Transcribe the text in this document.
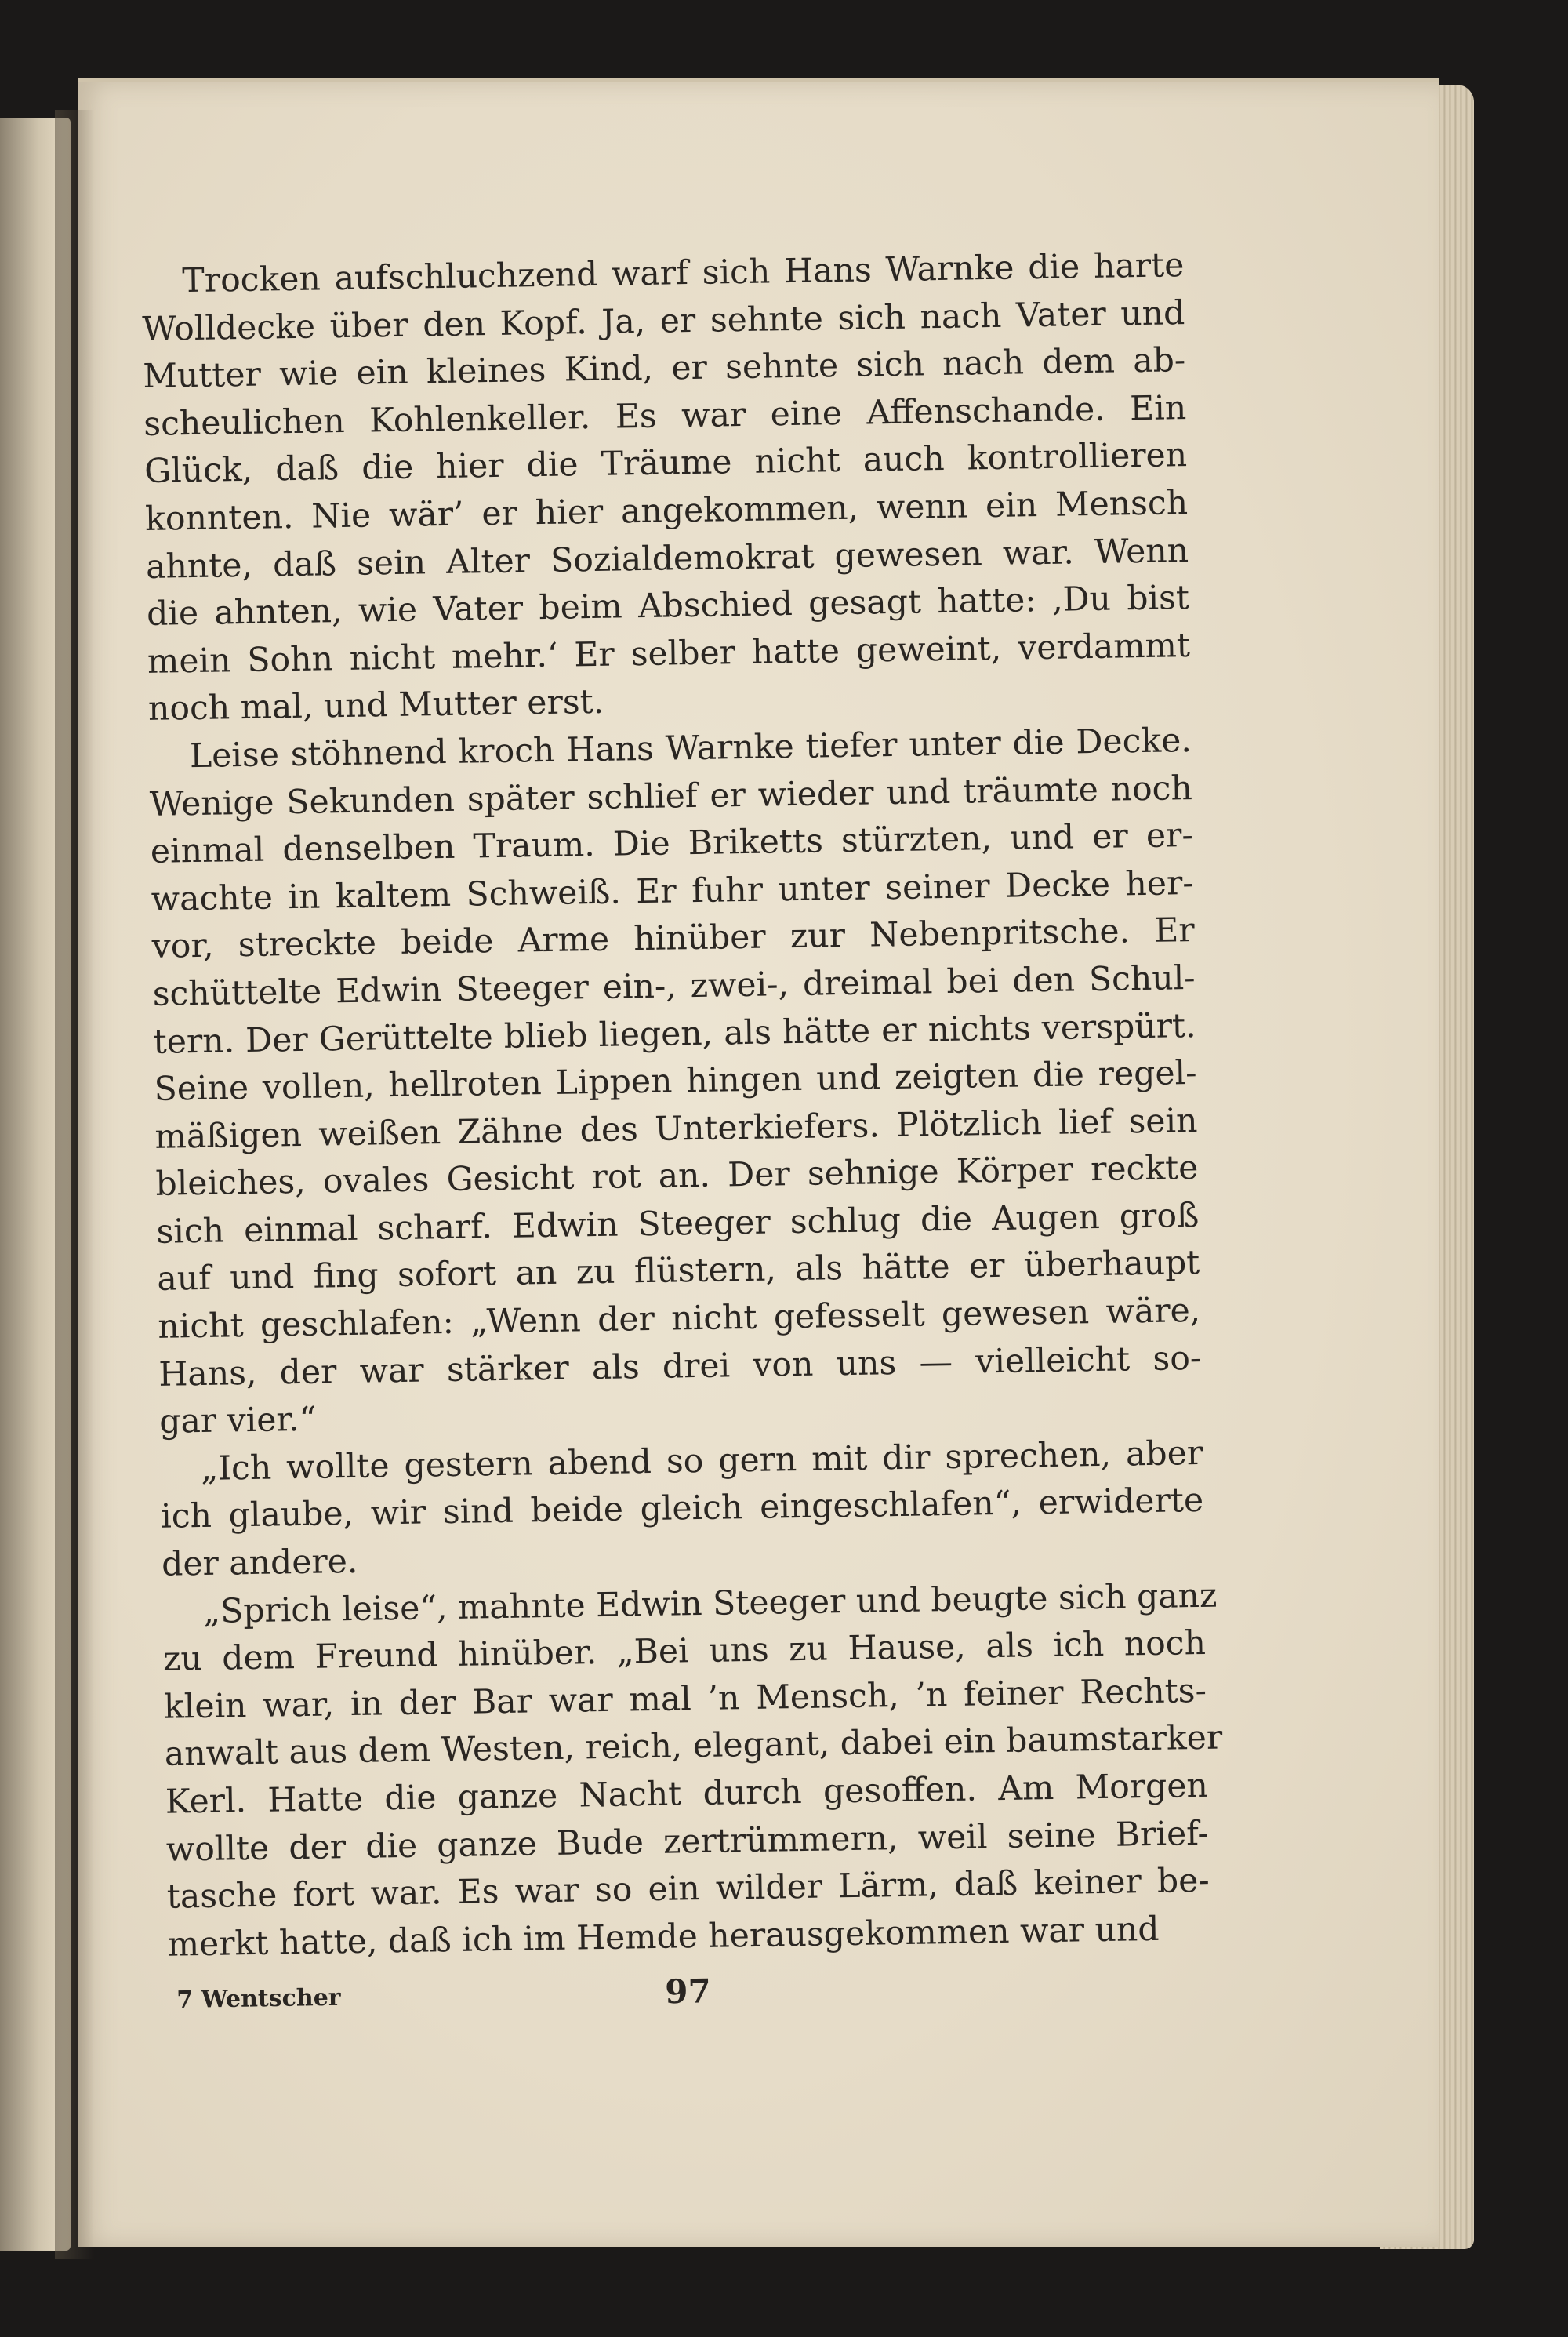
Trocken aufschluchzend warf sich Hans Warnke die harte
Wolldecke über den Kopf. Ja, er sehnte sich nach Vater und
Mutter wie ein kleines Kind, er sehnte sich nach dem ab-
scheulichen Kohlenkeller. Es war eine Affenschande. Ein
Glück, daß die hier die Träume nicht auch kontrollieren
konnten. Nie wär’ er hier angekommen, wenn ein Mensch
ahnte, daß sein Alter Sozialdemokrat gewesen war. Wenn
die ahnten, wie Vater beim Abschied gesagt hatte: ‚Du bist
mein Sohn nicht mehr.‘ Er selber hatte geweint, verdammt
noch mal, und Mutter erst.
Leise stöhnend kroch Hans Warnke tiefer unter die Decke.
Wenige Sekunden später schlief er wieder und träumte noch
einmal denselben Traum. Die Briketts stürzten, und er er-
wachte in kaltem Schweiß. Er fuhr unter seiner Decke her-
vor, streckte beide Arme hinüber zur Nebenpritsche. Er
schüttelte Edwin Steeger ein-, zwei-, dreimal bei den Schul-
tern. Der Gerüttelte blieb liegen, als hätte er nichts verspürt.
Seine vollen, hellroten Lippen hingen und zeigten die regel-
mäßigen weißen Zähne des Unterkiefers. Plötzlich lief sein
bleiches, ovales Gesicht rot an. Der sehnige Körper reckte
sich einmal scharf. Edwin Steeger schlug die Augen groß
auf und fing sofort an zu flüstern, als hätte er überhaupt
nicht geschlafen: „Wenn der nicht gefesselt gewesen wäre,
Hans, der war stärker als drei von uns — vielleicht so-
gar vier.“
„Ich wollte gestern abend so gern mit dir sprechen, aber
ich glaube, wir sind beide gleich eingeschlafen“, erwiderte
der andere.
„Sprich leise“, mahnte Edwin Steeger und beugte sich ganz
zu dem Freund hinüber. „Bei uns zu Hause, als ich noch
klein war, in der Bar war mal ’n Mensch, ’n feiner Rechts-
anwalt aus dem Westen, reich, elegant, dabei ein baumstarker
Kerl. Hatte die ganze Nacht durch gesoffen. Am Morgen
wollte der die ganze Bude zertrümmern, weil seine Brief-
tasche fort war. Es war so ein wilder Lärm, daß keiner be-
merkt hatte, daß ich im Hemde herausgekommen war und
7 Wentscher	97
